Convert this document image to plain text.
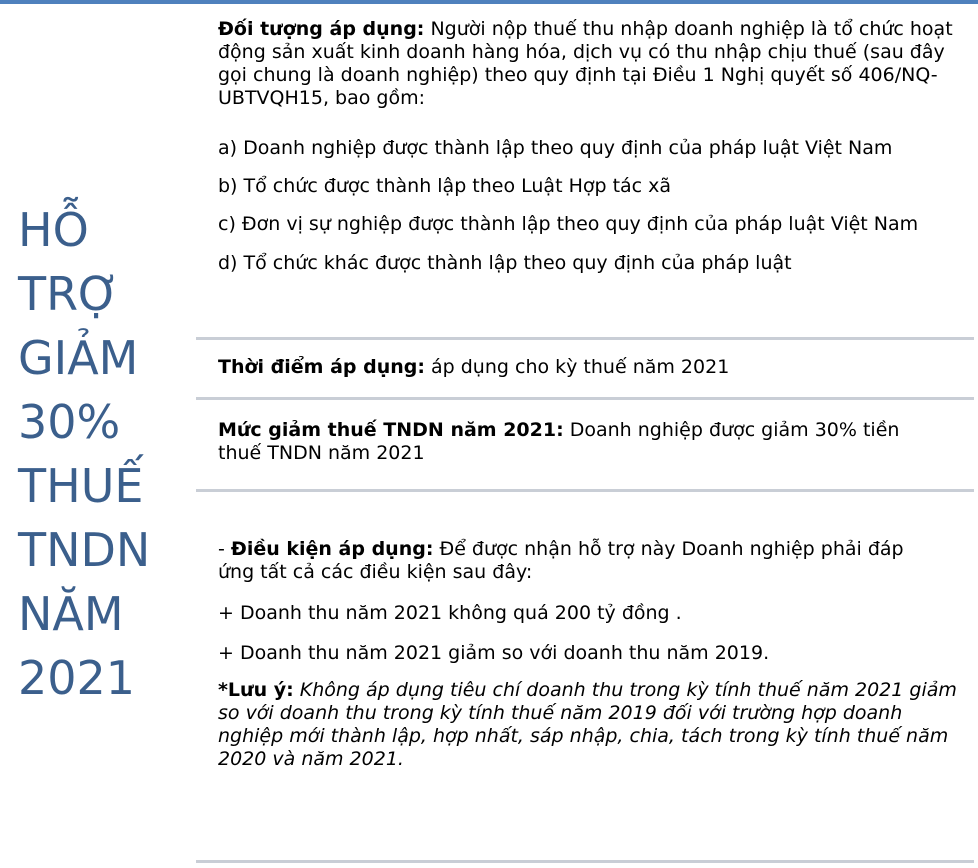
HỖ
TRỢ
GIẢM
30%
THUẾ
TNDN
NĂM
2021
Đối tượng áp dụng: Người nộp thuế thu nhập doanh nghiệp là tổ chức hoạt động sản xuất kinh doanh hàng hóa, dịch vụ có thu nhập chịu thuế (sau đây gọi chung là doanh nghiệp) theo quy định tại Điều 1 Nghị quyết số 406/NQ-UBTVQH15, bao gồm:
a) Doanh nghiệp được thành lập theo quy định của pháp luật Việt Nam
b) Tổ chức được thành lập theo Luật Hợp tác xã
c) Đơn vị sự nghiệp được thành lập theo quy định của pháp luật Việt Nam
d) Tổ chức khác được thành lập theo quy định của pháp luật
Thời điểm áp dụng: áp dụng cho kỳ thuế năm 2021
Mức giảm thuế TNDN năm 2021: Doanh nghiệp được giảm 30% tiền thuế TNDN năm 2021
- Điều kiện áp dụng: Để được nhận hỗ trợ này Doanh nghiệp phải đáp ứng tất cả các điều kiện sau đây:
+ Doanh thu năm 2021 không quá 200 tỷ đồng .
+ Doanh thu năm 2021 giảm so với doanh thu năm 2019.
*Lưu ý: Không áp dụng tiêu chí doanh thu trong kỳ tính thuế năm 2021 giảm so với doanh thu trong kỳ tính thuế năm 2019 đối với trường hợp doanh nghiệp mới thành lập, hợp nhất, sáp nhập, chia, tách trong kỳ tính thuế năm 2020 và năm 2021.
